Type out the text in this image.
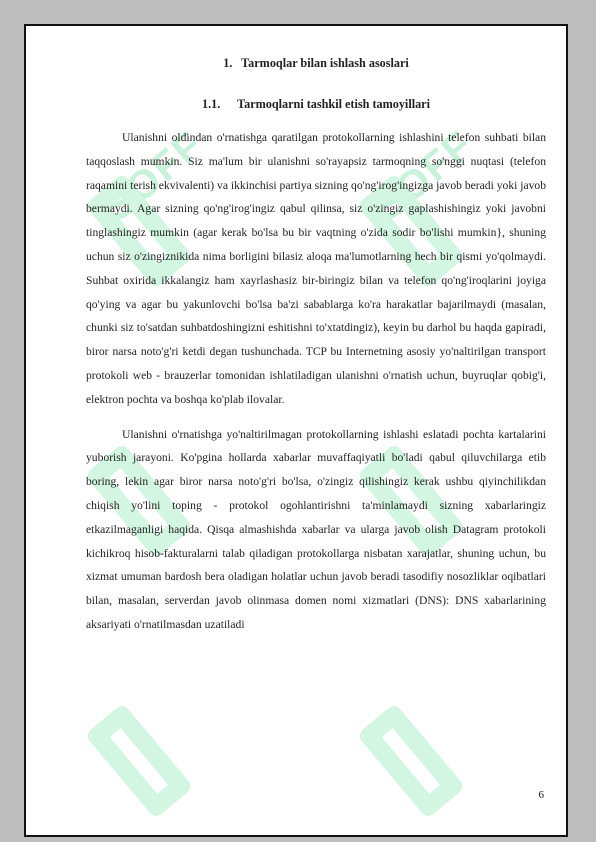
SOFF	SOFF
1. Tarmoqlar bilan ishlash asoslari
1.1. Tarmoqlarni tashkil etish tamoyillari

Ulanishni oldindan o'rnatishga qaratilgan protokollarning ishlashini telefon suhbati bilan taqqoslash mumkin. Siz ma'lum bir ulanishni so'rayapsiz tarmoqning so'nggi nuqtasi (telefon raqamini terish ekvivalenti) va ikkinchisi partiya sizning qo'ng'irog'ingizga javob beradi yoki javob bermaydi. Agar sizning qo'ng'irog'ingiz qabul qilinsa, siz o'zingiz gaplashishingiz yoki javobni tinglashingiz mumkin (agar kerak bo'lsa bu bir vaqtning o'zida sodir bo'lishi mumkin}, shuning uchun siz o'zingiznikida nima borligini bilasiz aloqa ma'lumotlarning hech bir qismi yo'qolmaydi. Suhbat oxirida ikkalangiz ham xayrlashasiz bir-biringiz bilan va telefon qo'ng'iroqlarini joyiga qo'ying va agar bu yakunlovchi bo'lsa ba'zi sabablarga ko'ra harakatlar bajarilmaydi (masalan, chunki siz to'satdan suhbatdoshingizni eshitishni to'xtatdingiz), keyin bu darhol bu haqda gapiradi, biror narsa noto'g'ri ketdi degan tushunchada. TCP bu Internetning asosiy yo'naltirilgan transport protokoli web - brauzerlar tomonidan ishlatiladigan ulanishni o'rnatish uchun, buyruqlar qobig'i, elektron pochta va boshqa ko'plab ilovalar.

Ulanishni o'rnatishga yo'naltirilmagan protokollarning ishlashi eslatadi pochta kartalarini yuborish jarayoni. Ko'pgina hollarda xabarlar muvaffaqiyatli bo'ladi qabul qiluvchilarga etib boring, lekin agar biror narsa noto'g'ri bo'lsa, o'zingiz qilishingiz kerak ushbu qiyinchilikdan chiqish yo'lini toping - protokol ogohlantirishni ta'minlamaydi sizning xabarlaringiz etkazilmaganligi haqida. Qisqa almashishda xabarlar va ularga javob olish Datagram protokoli kichikroq hisob-fakturalarni talab qiladigan protokollarga nisbatan xarajatlar, shuning uchun, bu xizmat umuman bardosh bera oladigan holatlar uchun javob beradi tasodifiy nosozliklar oqibatlari bilan, masalan, serverdan javob olinmasa domen nomi xizmatlari (DNS): DNS xabarlarining aksariyati o'rnatilmasdan uzatiladi

6
